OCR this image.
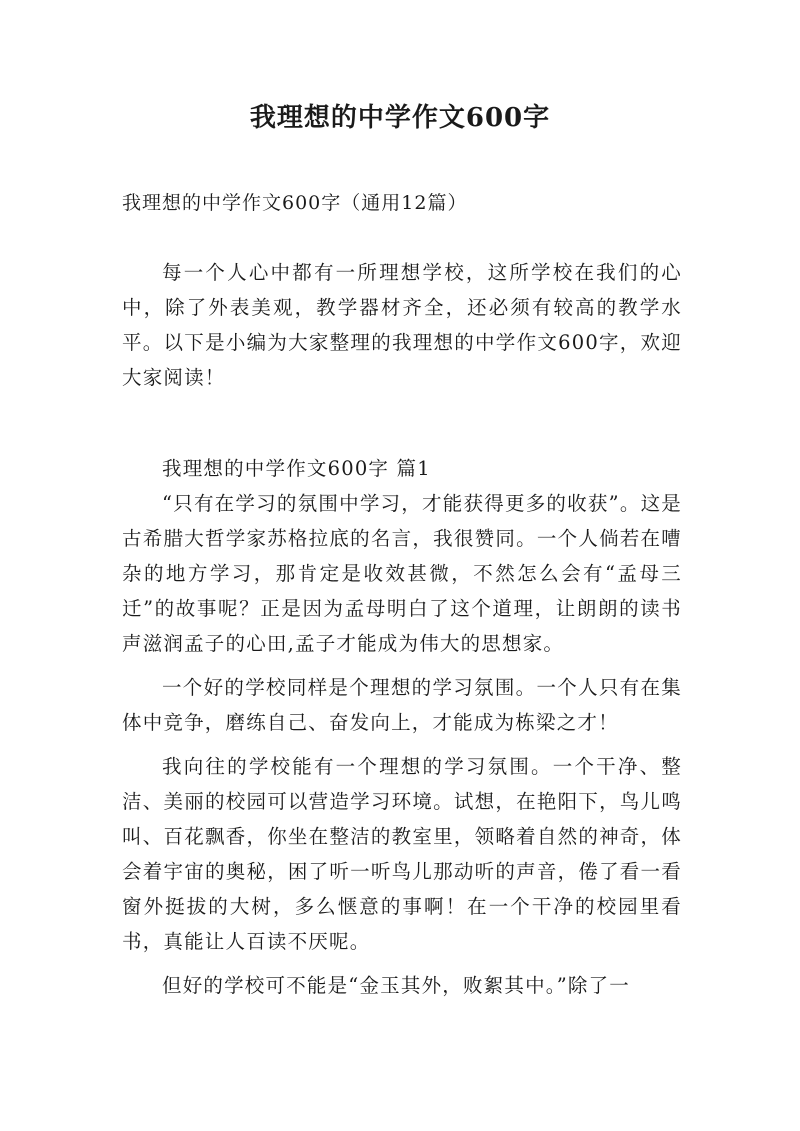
我理想的中学作文600字
我理想的中学作文600字（通用12篇）

每一个人心中都有一所理想学校，这所学校在我们的心中，除了外表美观，教学器材齐全，还必须有较高的教学水平。以下是小编为大家整理的我理想的中学作文600字，欢迎大家阅读！

我理想的中学作文600字 篇1

“只有在学习的氛围中学习，才能获得更多的收获”。这是古希腊大哲学家苏格拉底的名言，我很赞同。一个人倘若在嘈杂的地方学习，那肯定是收效甚微，不然怎么会有“孟母三迁”的故事呢？正是因为孟母明白了这个道理，让朗朗的读书声滋润孟子的心田,孟子才能成为伟大的思想家。

一个好的学校同样是个理想的学习氛围。一个人只有在集体中竞争，磨练自己、奋发向上，才能成为栋梁之才！

我向往的学校能有一个理想的学习氛围。一个干净、整洁、美丽的校园可以营造学习环境。试想，在艳阳下，鸟儿鸣叫、百花飘香，你坐在整洁的教室里，领略着自然的神奇，体会着宇宙的奥秘，困了听一听鸟儿那动听的声音，倦了看一看窗外挺拔的大树，多么惬意的事啊！在一个干净的校园里看书，真能让人百读不厌呢。

但好的学校可不能是“金玉其外，败絮其中。”除了一
